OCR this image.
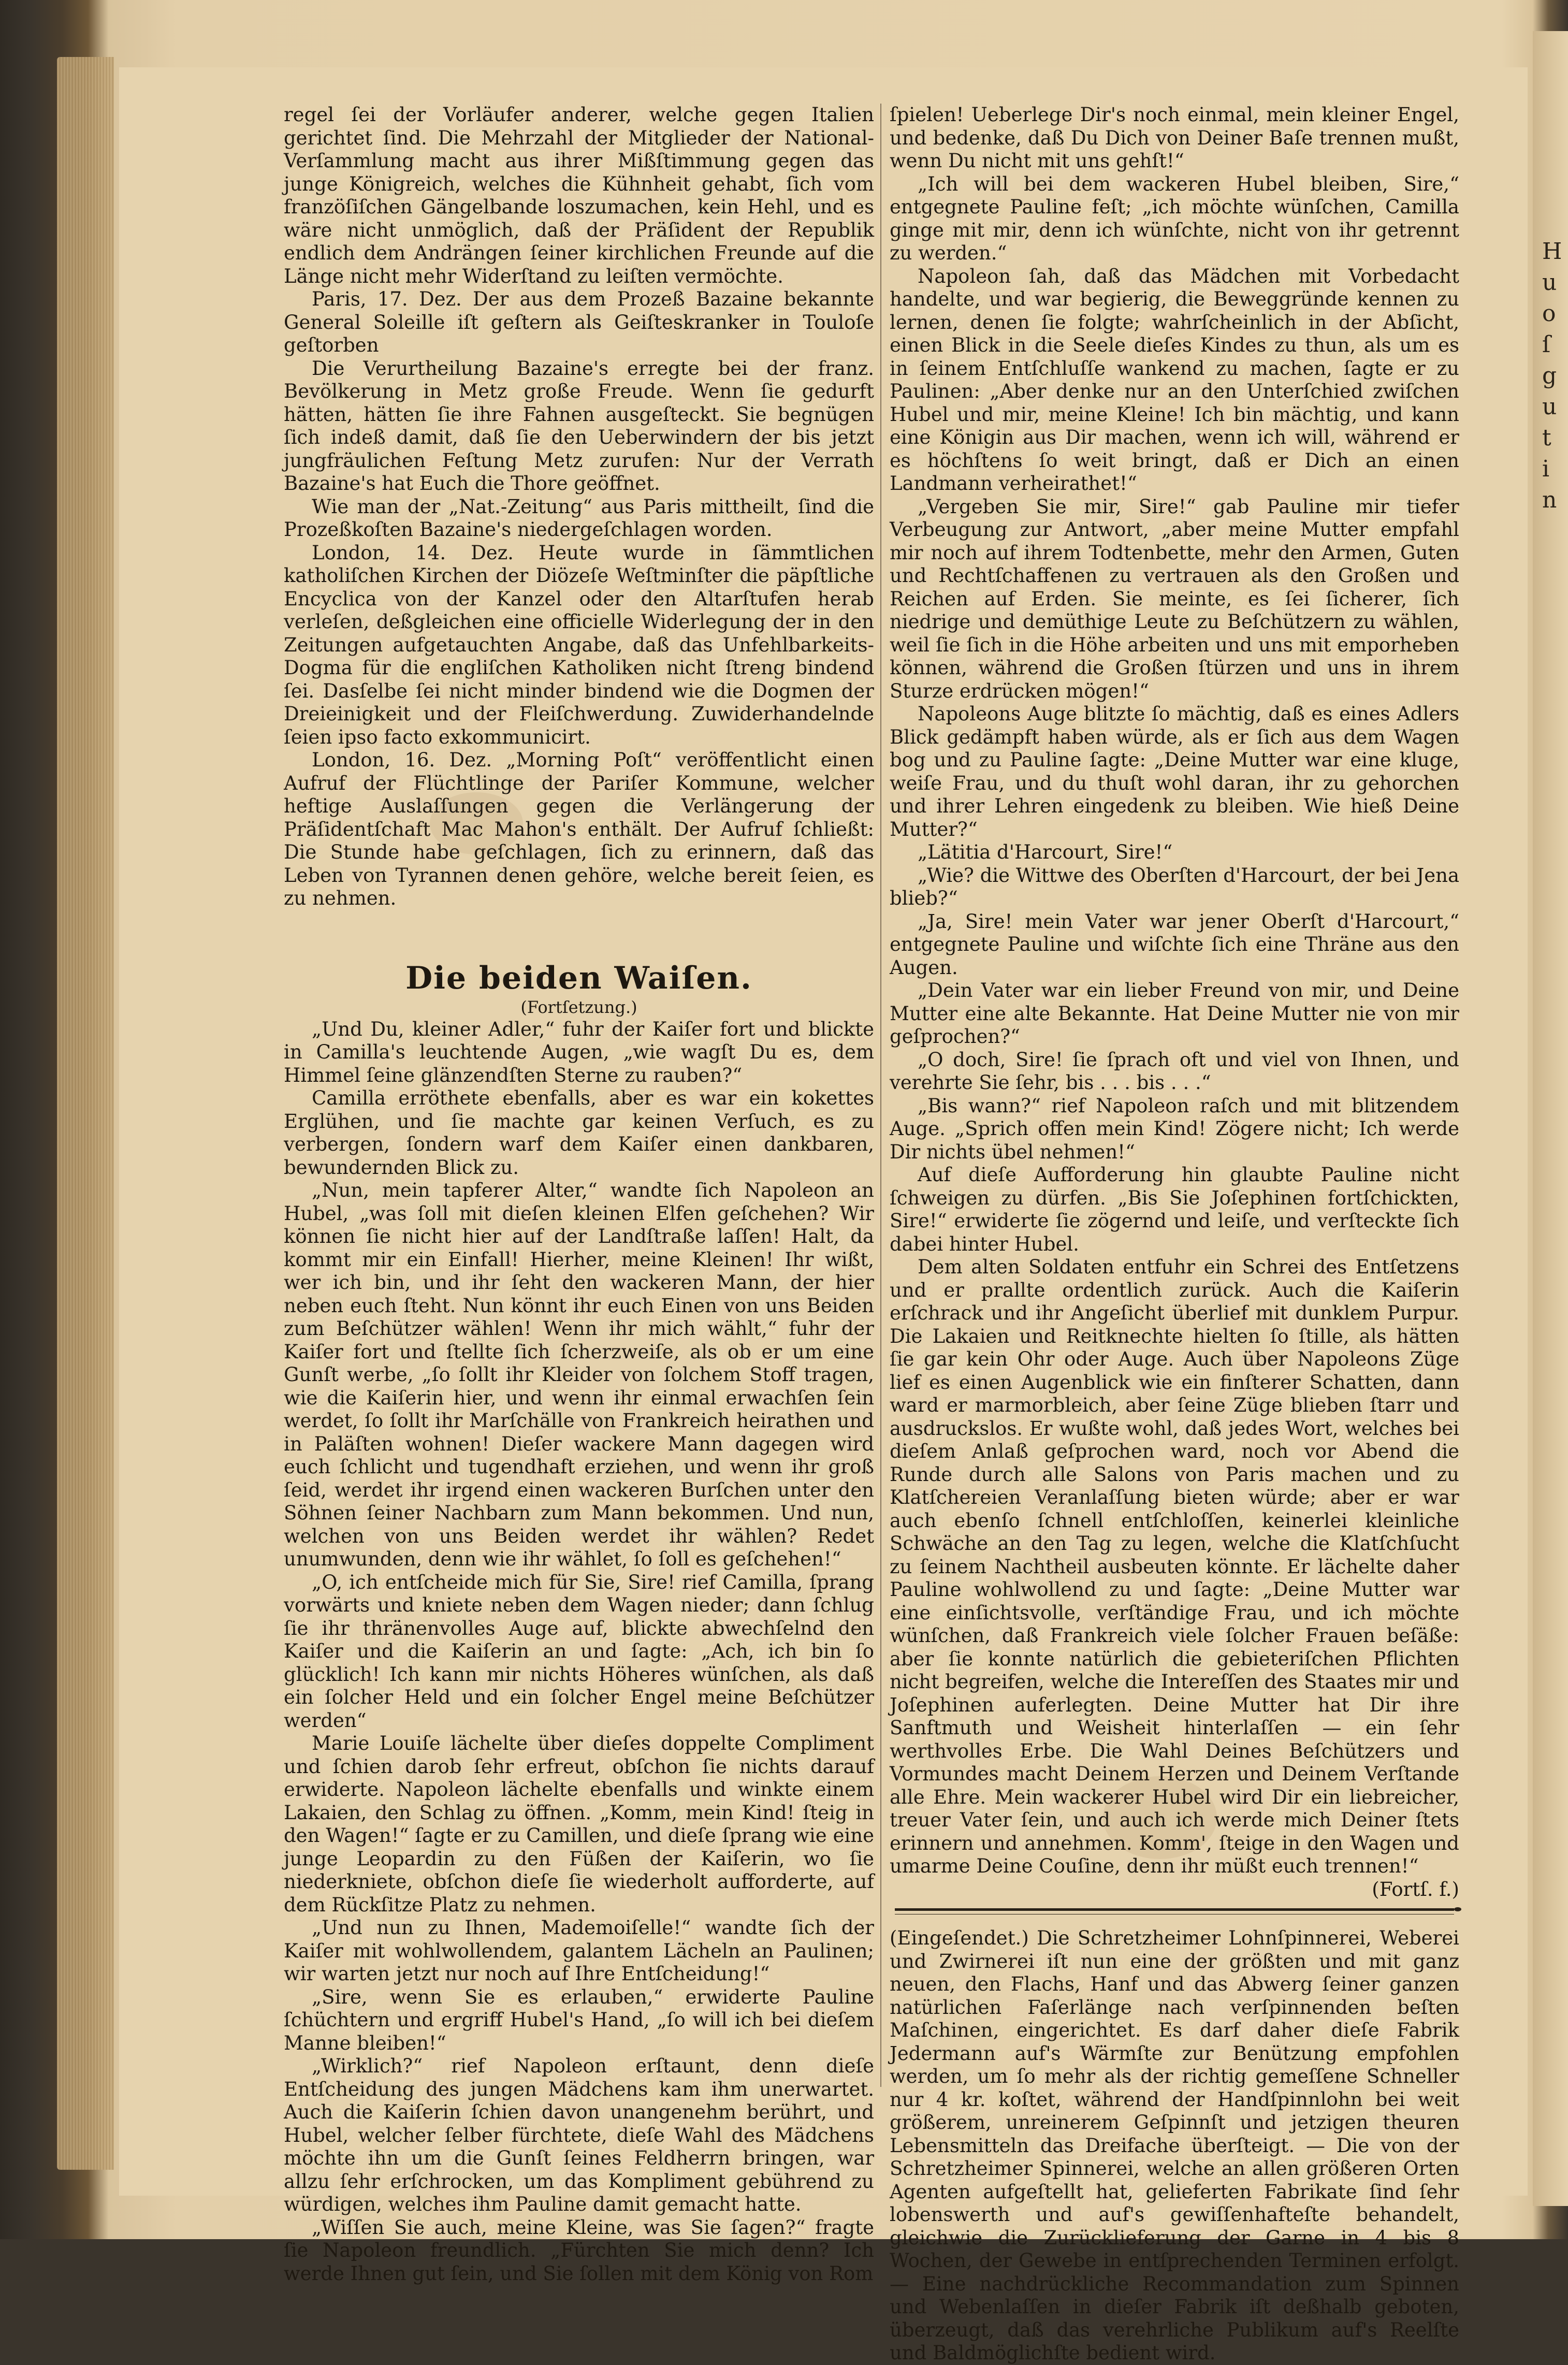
H
u
o
ſ
g
u
t
i
n

regel ſei der Vorläufer anderer, welche gegen Italien gerichtet ſind. Die Mehrzahl der Mitglieder der National-Verſammlung macht aus ihrer Mißſtimmung gegen das junge Königreich, welches die Kühnheit gehabt, ſich vom franzöſiſchen Gängelbande loszumachen, kein Hehl, und es wäre nicht unmöglich, daß der Präſident der Republik endlich dem Andrängen ſeiner kirchlichen Freunde auf die Länge nicht mehr Widerſtand zu leiſten vermöchte.

Paris, 17. Dez. Der aus dem Prozeß Bazaine bekannte General Soleille iſt geſtern als Geiſteskranker in Touloſe geſtorben

Die Verurtheilung Bazaine's erregte bei der franz. Bevölkerung in Metz große Freude. Wenn ſie gedurft hätten, hätten ſie ihre Fahnen ausgeſteckt. Sie begnügen ſich indeß damit, daß ſie den Ueberwindern der bis jetzt jungfräulichen Feſtung Metz zurufen: Nur der Verrath Bazaine's hat Euch die Thore geöffnet.

Wie man der „Nat.-Zeitung“ aus Paris mittheilt, ſind die Prozeßkoſten Bazaine's niedergeſchlagen worden.

London, 14. Dez. Heute wurde in ſämmtlichen katholiſchen Kirchen der Diözeſe Weſtminſter die päpſtliche Encyclica von der Kanzel oder den Altarſtufen herab verleſen, deßgleichen eine officielle Widerlegung der in den Zeitungen aufgetauchten Angabe, daß das Unfehlbarkeits-Dogma für die engliſchen Katholiken nicht ſtreng bindend ſei. Dasſelbe ſei nicht minder bindend wie die Dogmen der Dreieinigkeit und der Fleiſchwerdung. Zuwiderhandelnde ſeien ipso facto exkommunicirt.

London, 16. Dez. „Morning Poſt“ veröffentlicht einen Aufruf der Flüchtlinge der Pariſer Kommune, welcher heftige Auslaſſungen gegen die Verlängerung der Präſidentſchaft Mac Mahon's enthält. Der Aufruf ſchließt: Die Stunde habe geſchlagen, ſich zu erinnern, daß das Leben von Tyrannen denen gehöre, welche bereit ſeien, es zu nehmen.

Die beiden Waiſen.
(Fortſetzung.)

„Und Du, kleiner Adler,“ fuhr der Kaiſer fort und blickte in Camilla's leuchtende Augen, „wie wagſt Du es, dem Himmel ſeine glänzendſten Sterne zu rauben?“

Camilla erröthete ebenfalls, aber es war ein kokettes Erglühen, und ſie machte gar keinen Verſuch, es zu verbergen, ſondern warf dem Kaiſer einen dankbaren, bewundernden Blick zu.

„Nun, mein tapferer Alter,“ wandte ſich Napoleon an Hubel, „was ſoll mit dieſen kleinen Elfen geſchehen? Wir können ſie nicht hier auf der Landſtraße laſſen! Halt, da kommt mir ein Einfall! Hierher, meine Kleinen! Ihr wißt, wer ich bin, und ihr ſeht den wackeren Mann, der hier neben euch ſteht. Nun könnt ihr euch Einen von uns Beiden zum Beſchützer wählen! Wenn ihr mich wählt,“ fuhr der Kaiſer fort und ſtellte ſich ſcherzweiſe, als ob er um eine Gunſt werbe, „ſo ſollt ihr Kleider von ſolchem Stoff tragen, wie die Kaiſerin hier, und wenn ihr einmal erwachſen ſein werdet, ſo ſollt ihr Marſchälle von Frankreich heirathen und in Paläſten wohnen! Dieſer wackere Mann dagegen wird euch ſchlicht und tugendhaft erziehen, und wenn ihr groß ſeid, werdet ihr irgend einen wackeren Burſchen unter den Söhnen ſeiner Nachbarn zum Mann bekommen. Und nun, welchen von uns Beiden werdet ihr wählen? Redet unumwunden, denn wie ihr wählet, ſo ſoll es geſchehen!“

„O, ich entſcheide mich für Sie, Sire! rief Camilla, ſprang vorwärts und kniete neben dem Wagen nieder; dann ſchlug ſie ihr thränenvolles Auge auf, blickte abwechſelnd den Kaiſer und die Kaiſerin an und ſagte: „Ach, ich bin ſo glücklich! Ich kann mir nichts Höheres wünſchen, als daß ein ſolcher Held und ein ſolcher Engel meine Beſchützer werden“

Marie Louiſe lächelte über dieſes doppelte Compliment und ſchien darob ſehr erfreut, obſchon ſie nichts darauf erwiderte. Napoleon lächelte ebenfalls und winkte einem Lakaien, den Schlag zu öffnen. „Komm, mein Kind! ſteig in den Wagen!“ ſagte er zu Camillen, und dieſe ſprang wie eine junge Leopardin zu den Füßen der Kaiſerin, wo ſie niederkniete, obſchon dieſe ſie wiederholt aufforderte, auf dem Rückſitze Platz zu nehmen.

„Und nun zu Ihnen, Mademoiſelle!“ wandte ſich der Kaiſer mit wohlwollendem, galantem Lächeln an Paulinen; wir warten jetzt nur noch auf Ihre Entſcheidung!“

„Sire, wenn Sie es erlauben,“ erwiderte Pauline ſchüchtern und ergriff Hubel's Hand, „ſo will ich bei dieſem Manne bleiben!“

„Wirklich?“ rief Napoleon erſtaunt, denn dieſe Entſcheidung des jungen Mädchens kam ihm unerwartet. Auch die Kaiſerin ſchien davon unangenehm berührt, und Hubel, welcher ſelber fürchtete, dieſe Wahl des Mädchens möchte ihn um die Gunſt ſeines Feldherrn bringen, war allzu ſehr erſchrocken, um das Kompliment gebührend zu würdigen, welches ihm Pauline damit gemacht hatte.

„Wiſſen Sie auch, meine Kleine, was Sie ſagen?“ fragte ſie Napoleon freundlich. „Fürchten Sie mich denn? Ich werde Ihnen gut ſein, und Sie ſollen mit dem König von Rom

ſpielen! Ueberlege Dir's noch einmal, mein kleiner Engel, und bedenke, daß Du Dich von Deiner Baſe trennen mußt, wenn Du nicht mit uns gehſt!“

„Ich will bei dem wackeren Hubel bleiben, Sire,“ entgegnete Pauline feſt; „ich möchte wünſchen, Camilla ginge mit mir, denn ich wünſchte, nicht von ihr getrennt zu werden.“

Napoleon ſah, daß das Mädchen mit Vorbedacht handelte, und war begierig, die Beweggründe kennen zu lernen, denen ſie folgte; wahrſcheinlich in der Abſicht, einen Blick in die Seele dieſes Kindes zu thun, als um es in ſeinem Entſchluſſe wankend zu machen, ſagte er zu Paulinen: „Aber denke nur an den Unterſchied zwiſchen Hubel und mir, meine Kleine! Ich bin mächtig, und kann eine Königin aus Dir machen, wenn ich will, während er es höchſtens ſo weit bringt, daß er Dich an einen Landmann verheirathet!“

„Vergeben Sie mir, Sire!“ gab Pauline mir tiefer Verbeugung zur Antwort, „aber meine Mutter empfahl mir noch auf ihrem Todtenbette, mehr den Armen, Guten und Rechtſchaffenen zu vertrauen als den Großen und Reichen auf Erden. Sie meinte, es ſei ſicherer, ſich niedrige und demüthige Leute zu Beſchützern zu wählen, weil ſie ſich in die Höhe arbeiten und uns mit emporheben können, während die Großen ſtürzen und uns in ihrem Sturze erdrücken mögen!“

Napoleons Auge blitzte ſo mächtig, daß es eines Adlers Blick gedämpft haben würde, als er ſich aus dem Wagen bog und zu Pauline ſagte: „Deine Mutter war eine kluge, weiſe Frau, und du thuſt wohl daran, ihr zu gehorchen und ihrer Lehren eingedenk zu bleiben. Wie hieß Deine Mutter?“

„Lätitia d'Harcourt, Sire!“

„Wie? die Wittwe des Oberſten d'Harcourt, der bei Jena blieb?“

„Ja, Sire! mein Vater war jener Oberſt d'Harcourt,“ entgegnete Pauline und wiſchte ſich eine Thräne aus den Augen.

„Dein Vater war ein lieber Freund von mir, und Deine Mutter eine alte Bekannte. Hat Deine Mutter nie von mir geſprochen?“

„O doch, Sire! ſie ſprach oft und viel von Ihnen, und verehrte Sie ſehr, bis . . . bis . . .“

„Bis wann?“ rief Napoleon raſch und mit blitzendem Auge. „Sprich offen mein Kind! Zögere nicht; Ich werde Dir nichts übel nehmen!“

Auf dieſe Aufforderung hin glaubte Pauline nicht ſchweigen zu dürfen. „Bis Sie Joſephinen fortſchickten, Sire!“ erwiderte ſie zögernd und leiſe, und verſteckte ſich dabei hinter Hubel.

Dem alten Soldaten entfuhr ein Schrei des Entſetzens und er prallte ordentlich zurück. Auch die Kaiſerin erſchrack und ihr Angeſicht überlief mit dunklem Purpur. Die Lakaien und Reitknechte hielten ſo ſtille, als hätten ſie gar kein Ohr oder Auge. Auch über Napoleons Züge lief es einen Augenblick wie ein finſterer Schatten, dann ward er marmorbleich, aber ſeine Züge blieben ſtarr und ausdruckslos. Er wußte wohl, daß jedes Wort, welches bei dieſem Anlaß geſprochen ward, noch vor Abend die Runde durch alle Salons von Paris machen und zu Klatſchereien Veranlaſſung bieten würde; aber er war auch ebenſo ſchnell entſchloſſen, keinerlei kleinliche Schwäche an den Tag zu legen, welche die Klatſchſucht zu ſeinem Nachtheil ausbeuten könnte. Er lächelte daher Pauline wohlwollend zu und ſagte: „Deine Mutter war eine einſichtsvolle, verſtändige Frau, und ich möchte wünſchen, daß Frankreich viele ſolcher Frauen beſäße: aber ſie konnte natürlich die gebieteriſchen Pflichten nicht begreifen, welche die Intereſſen des Staates mir und Joſephinen auferlegten. Deine Mutter hat Dir ihre Sanftmuth und Weisheit hinterlaſſen — ein ſehr werthvolles Erbe. Die Wahl Deines Beſchützers und Vormundes macht Deinem Herzen und Deinem Verſtande alle Ehre. Mein wackerer Hubel wird Dir ein liebreicher, treuer Vater ſein, und auch ich werde mich Deiner ſtets erinnern und annehmen. Komm', ſteige in den Wagen und umarme Deine Couſine, denn ihr müßt euch trennen!“

(Fortſ. f.)

(Eingeſendet.) Die Schretzheimer Lohnſpinnerei, Weberei und Zwirnerei iſt nun eine der größten und mit ganz neuen, den Flachs, Hanf und das Abwerg ſeiner ganzen natürlichen Faſerlänge nach verſpinnenden beſten Maſchinen, eingerichtet. Es darf daher dieſe Fabrik Jedermann auf's Wärmſte zur Benützung empfohlen werden, um ſo mehr als der richtig gemeſſene Schneller nur 4 kr. koſtet, während der Handſpinnlohn bei weit größerem, unreinerem Geſpinnſt und jetzigen theuren Lebensmitteln das Dreifache überſteigt. — Die von der Schretzheimer Spinnerei, welche an allen größeren Orten Agenten aufgeſtellt hat, gelieferten Fabrikate ſind ſehr lobenswerth und auf's gewiſſenhafteſte behandelt, gleichwie die Zurücklieferung der Garne in 4 bis 8 Wochen, der Gewebe in entſprechenden Terminen erfolgt. — Eine nachdrückliche Recommandation zum Spinnen und Webenlaſſen in dieſer Fabrik iſt deßhalb geboten, überzeugt, daß das verehrliche Publikum auf's Reelſte und Baldmöglichſte bedient wird.
